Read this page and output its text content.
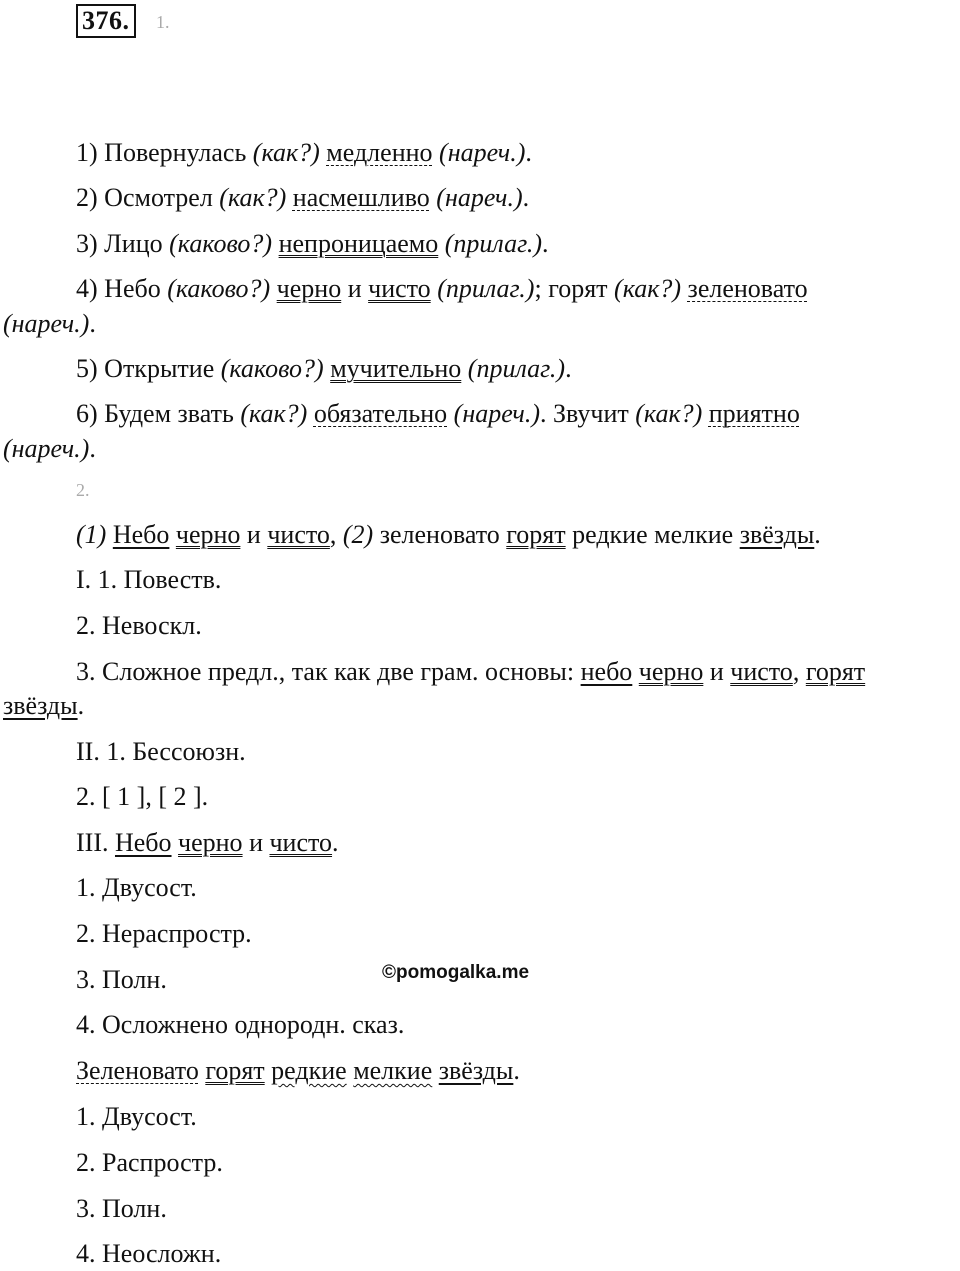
376.	1.
1) Повернулась (как?) медленно (нареч.).
2) Осмотрел (как?) насмешливо (нареч.).
3) Лицо (каково?) непроницаемо (прилаг.).
4) Небо (каково?) черно и чисто (прилаг.); горят (как?) зеленовато
(нареч.).
5) Открытие (каково?) мучительно (прилаг.).
6) Будем звать (как?) обязательно (нареч.). Звучит (как?) приятно
(нареч.).
2.
(1) Небо черно и чисто, (2) зеленовато горят редкие мелкие звёзды.
I. 1. Повеств.
2. Невоскл.
3. Сложное предл., так как две грам. основы: небо черно и чисто, горят
звёзды.
II. 1. Бессоюзн.
2. [ 1 ], [ 2 ].
III. Небо черно и чисто.
1. Двусост.
2. Нераспростр.
3. Полн.	©pomogalka.me
4. Осложнено однородн. сказ.
Зеленовато горят редкие мелкие звёзды.
1. Двусост.
2. Распростр.
3. Полн.
4. Неосложн.
